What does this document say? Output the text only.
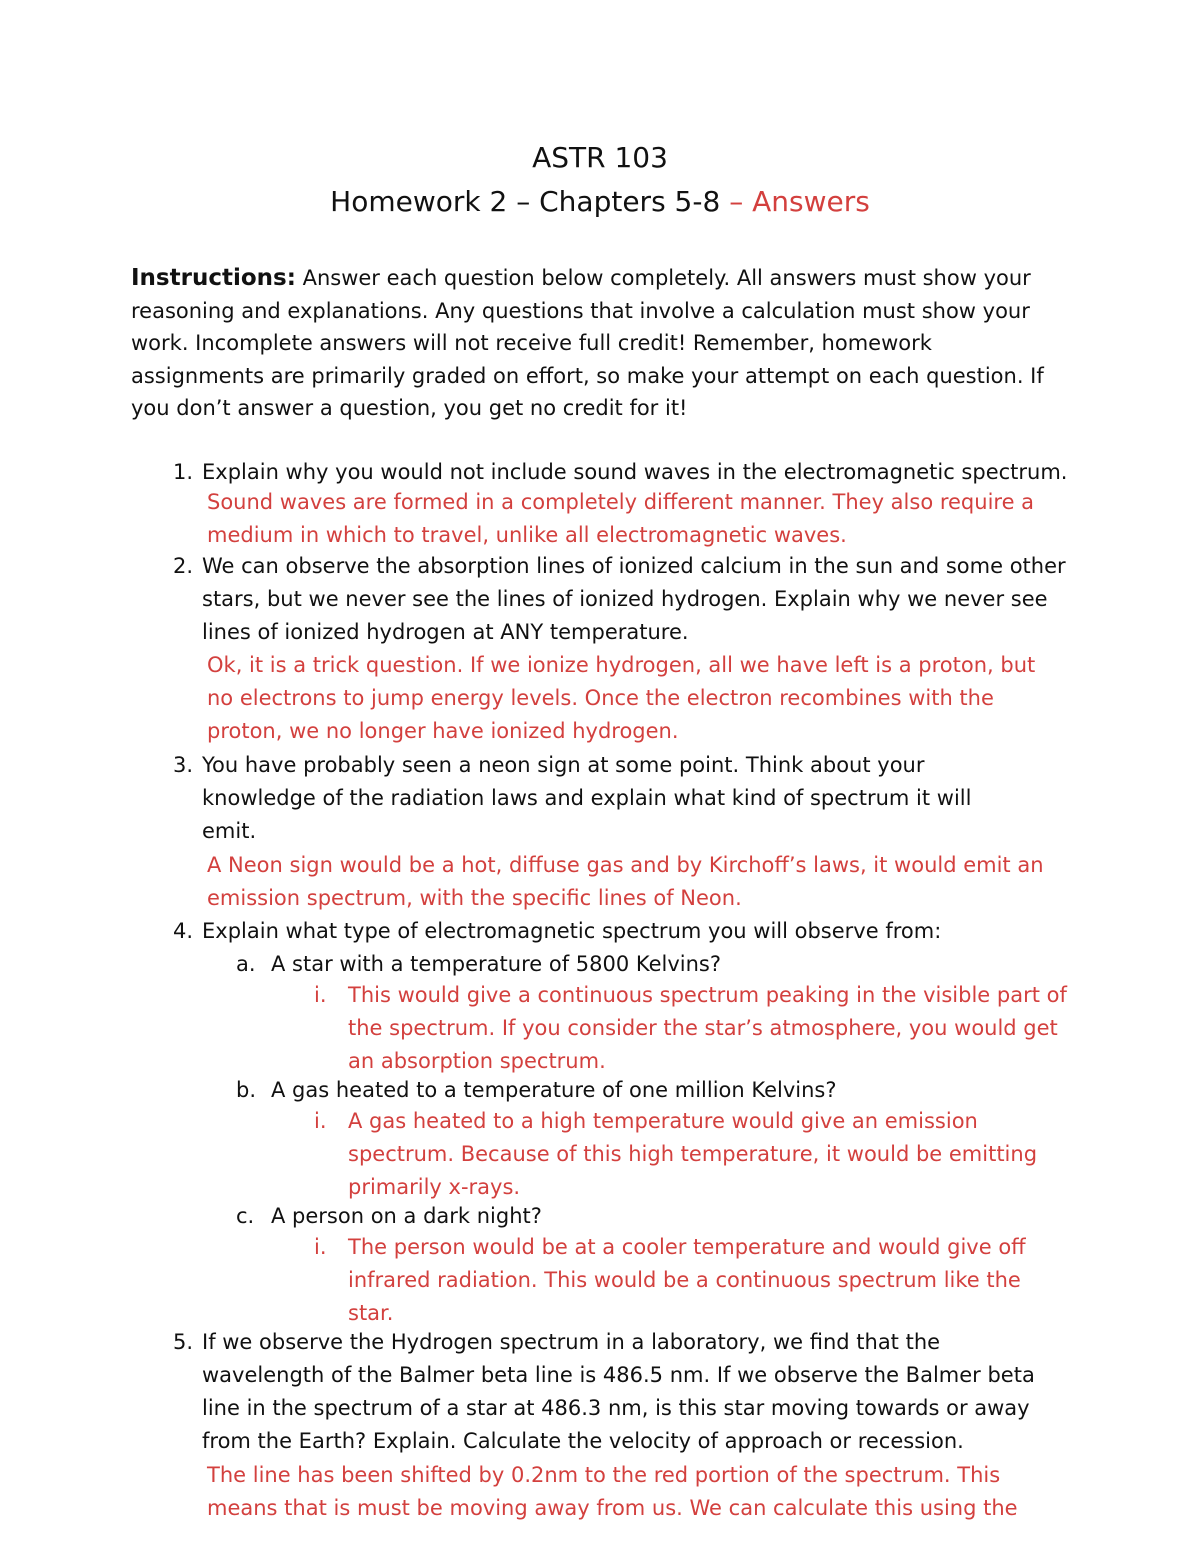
ASTR 103
Homework 2 – Chapters 5-8 – Answers
Instructions: Answer each question below completely. All answers must show your reasoning and explanations. Any questions that involve a calculation must show your work. Incomplete answers will not receive full credit! Remember, homework assignments are primarily graded on effort, so make your attempt on each question. If you don’t answer a question, you get no credit for it!
1. Explain why you would not include sound waves in the electromagnetic spectrum.
Sound waves are formed in a completely different manner. They also require a medium in which to travel, unlike all electromagnetic waves.
2. We can observe the absorption lines of ionized calcium in the sun and some other stars, but we never see the lines of ionized hydrogen. Explain why we never see lines of ionized hydrogen at ANY temperature.
Ok, it is a trick question. If we ionize hydrogen, all we have left is a proton, but no electrons to jump energy levels. Once the electron recombines with the proton, we no longer have ionized hydrogen.
3. You have probably seen a neon sign at some point. Think about your knowledge of the radiation laws and explain what kind of spectrum it will emit.
A Neon sign would be a hot, diffuse gas and by Kirchoff’s laws, it would emit an emission spectrum, with the specific lines of Neon.
4. Explain what type of electromagnetic spectrum you will observe from:
a. A star with a temperature of 5800 Kelvins?
i.	This would give a continuous spectrum peaking in the visible part of the spectrum. If you consider the star’s atmosphere, you would get an absorption spectrum.
b. A gas heated to a temperature of one million Kelvins?
i.	A gas heated to a high temperature would give an emission spectrum. Because of this high temperature, it would be emitting primarily x-rays.
c. A person on a dark night?
i.	The person would be at a cooler temperature and would give off infrared radiation. This would be a continuous spectrum like the star.
5. If we observe the Hydrogen spectrum in a laboratory, we find that the wavelength of the Balmer beta line is 486.5 nm. If we observe the Balmer beta line in the spectrum of a star at 486.3 nm, is this star moving towards or away from the Earth? Explain. Calculate the velocity of approach or recession.
The line has been shifted by 0.2nm to the red portion of the spectrum. This means that is must be moving away from us. We can calculate this using the
